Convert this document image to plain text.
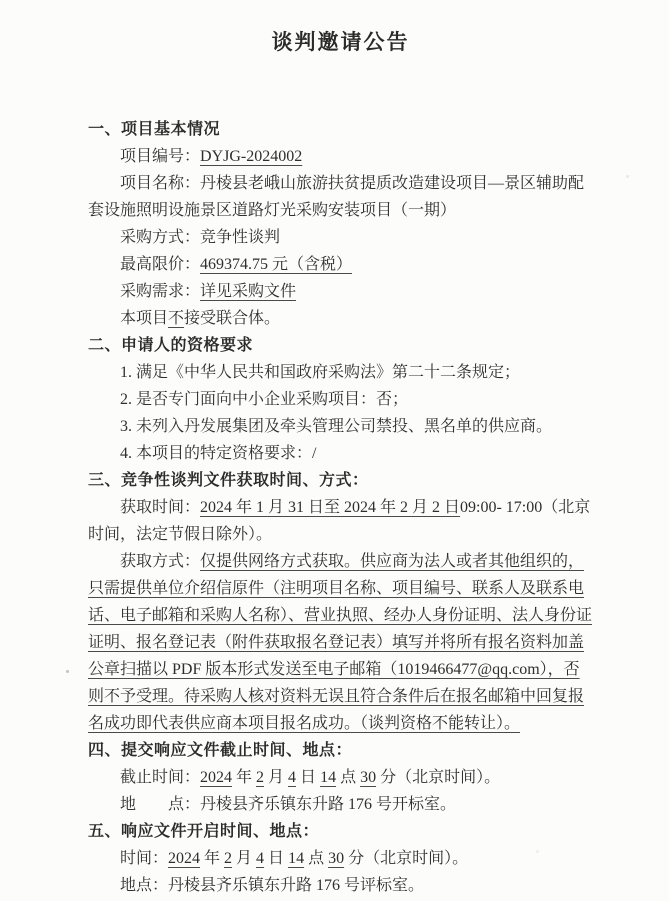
谈判邀请公告

一、项目基本情况

项目编号：DYJG-2024002

项目名称：丹棱县老峨山旅游扶贫提质改造建设项目—景区辅助配套设施照明设施景区道路灯光采购安装项目（一期）

采购方式：竞争性谈判

最高限价：469374.75 元（含税）

采购需求：详见采购文件

本项目不接受联合体。

二、申请人的资格要求

1. 满足《中华人民共和国政府采购法》第二十二条规定；

2. 是否专门面向中小企业采购项目：否；

3. 未列入丹发展集团及牵头管理公司禁投、黑名单的供应商。

4. 本项目的特定资格要求：/

三、竞争性谈判文件获取时间、方式：

获取时间：2024 年 1 月 31 日至 2024 年 2 月 2 日09:00- 17:00（北京时间，法定节假日除外）。

获取方式：仅提供网络方式获取。供应商为法人或者其他组织的，只需提供单位介绍信原件（注明项目名称、项目编号、联系人及联系电话、电子邮箱和采购人名称）、营业执照、经办人身份证明、法人身份证证明、报名登记表（附件获取报名登记表）填写并将所有报名资料加盖公章扫描以 PDF 版本形式发送至电子邮箱（1019466477@qq.com），否则不予受理。待采购人核对资料无误且符合条件后在报名邮箱中回复报名成功即代表供应商本项目报名成功。（谈判资格不能转让）。

四、提交响应文件截止时间、地点：

截止时间：2024 年 2 月 4 日 14 点 30 分（北京时间）。

地　　点：丹棱县齐乐镇东升路 176 号开标室。

五、响应文件开启时间、地点：

时间：2024 年 2 月 4 日 14 点 30 分（北京时间）。

地点：丹棱县齐乐镇东升路 176 号评标室。
